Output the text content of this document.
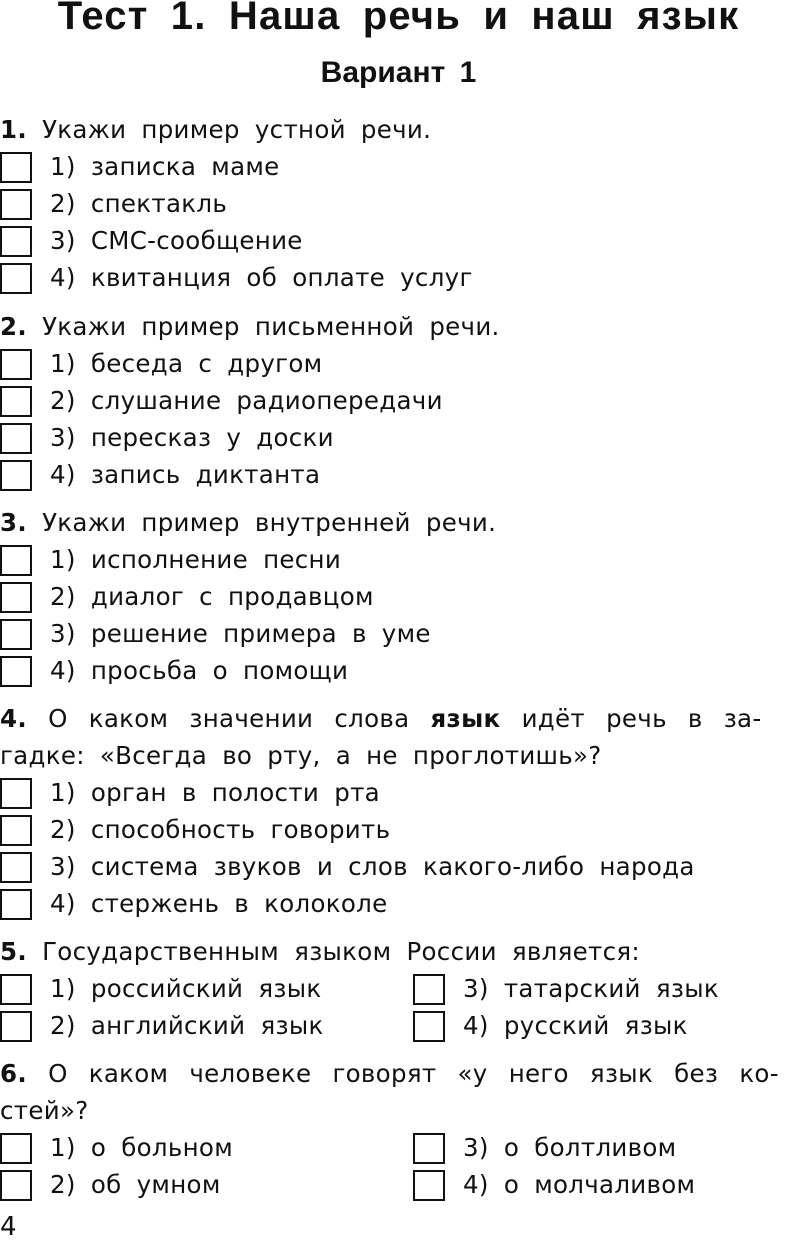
Тест 1. Наша речь и наш язык
Вариант 1
1. Укажи пример устной речи.
1) записка маме
2) спектакль
3) СМС-сообщение
4) квитанция об оплате услуг
2. Укажи пример письменной речи.
1) беседа с другом
2) слушание радиопередачи
3) пересказ у доски
4) запись диктанта
3. Укажи пример внутренней речи.
1) исполнение песни
2) диалог с продавцом
3) решение примера в уме
4) просьба о помощи
4. О каком значении слова язык идёт речь в за-
гадке: «Всегда во рту, а не проглотишь»?
1) орган в полости рта
2) способность говорить
3) система звуков и слов какого-либо народа
4) стержень в колоколе
5. Государственным языком России является:
1) российский язык
2) английский язык
3) татарский язык
4) русский язык
6. О каком человеке говорят «у него язык без ко-
стей»?
1) о больном
2) об умном
3) о болтливом
4) о молчаливом
4
